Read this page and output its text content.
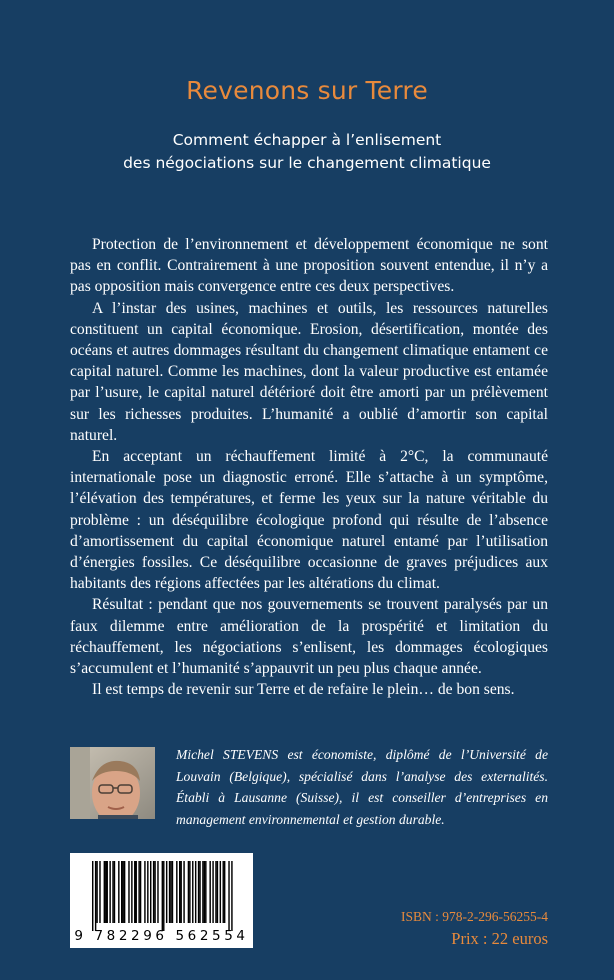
Revenons sur Terre
Comment échapper à l’enlisement
des négociations sur le changement climatique

Protection de l’environnement et développement économique ne sont pas en conflit. Contrairement à une proposition souvent entendue, il n’y a pas opposition mais convergence entre ces deux perspectives.

A l’instar des usines, machines et outils, les ressources naturelles constituent un capital économique. Erosion, désertification, montée des océans et autres dommages résultant du changement climatique entament ce capital naturel. Comme les machines, dont la valeur productive est entamée par l’usure, le capital naturel détérioré doit être amorti par un prélèvement sur les richesses produites. L’humanité a oublié d’amortir son capital naturel.

En acceptant un réchauffement limité à 2°C, la communauté internationale pose un diagnostic erroné. Elle s’attache à un symptôme, l’élévation des températures, et ferme les yeux sur la nature véritable du problème : un déséquilibre écologique profond qui résulte de l’absence d’amortissement du capital économique naturel entamé par l’utilisation d’énergies fossiles. Ce déséquilibre occasionne de graves préjudices aux habitants des régions affectées par les altérations du climat.

Résultat : pendant que nos gouvernements se trouvent paralysés par un faux dilemme entre amélioration de la prospérité et limitation du réchauffement, les négociations s’enlisent, les dommages écologiques s’accumulent et l’humanité s’appauvrit un peu plus chaque année.

Il est temps de revenir sur Terre et de refaire le plein… de bon sens.

Michel STEVENS est économiste, diplômé de l’Université de Louvain (Belgique), spécialisé dans l’analyse des externalités. Établi à Lausanne (Suisse), il est conseiller d’entreprises en management environnemental et gestion durable.
9 782296 562554
ISBN : 978-2-296-56255-4
Prix : 22 euros
